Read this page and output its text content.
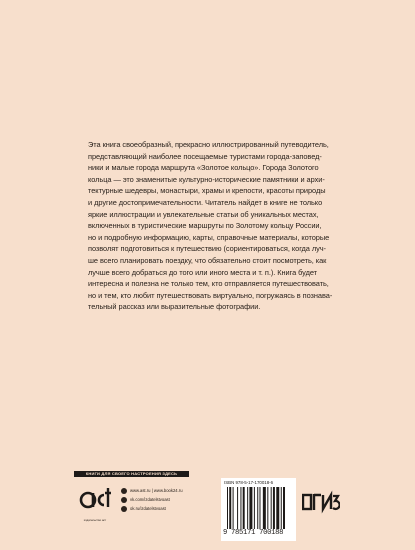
Эта книга своеобразный, прекрасно иллюстрированный путеводитель,

представляющий наиболее посещаемые туристами города-заповед-

ники и малые города маршрута «Золотое кольцо». Города Золотого

кольца — это знаменитые культурно-исторические памятники и архи-

тектурные шедевры, монастыри, храмы и крепости, красоты природы

и другие достопримечательности. Читатель найдет в книге не только

яркие иллюстрации и увлекательные статьи об уникальных местах,

включенных в туристические маршруты по Золотому кольцу России,

но и подробную информацию, карты, справочные материалы, которые

позволят подготовиться к путешествию (сориентироваться, когда луч-

ше всего планировать поездку, что обязательно стоит посмотреть, как

лучше всего добраться до того или иного места и т. п.). Книга будет

интересна и полезна не только тем, кто отправляется путешествовать,

но и тем, кто любит путешествовать виртуально, погружаясь в познава-

тельный рассказ или выразительные фотографии.

КНИГИ ДЛЯ СВОЕГО НАСТРОЕНИЯ ЗДЕСЬ
аст
издательство аст
www.ast.ru | www.book24.ru
vk.com/izdatelstvoast
ok.ru/izdatelstvoast
ISBN 978-5-17-170018-6
9 785171 700188
ОГИЗ
